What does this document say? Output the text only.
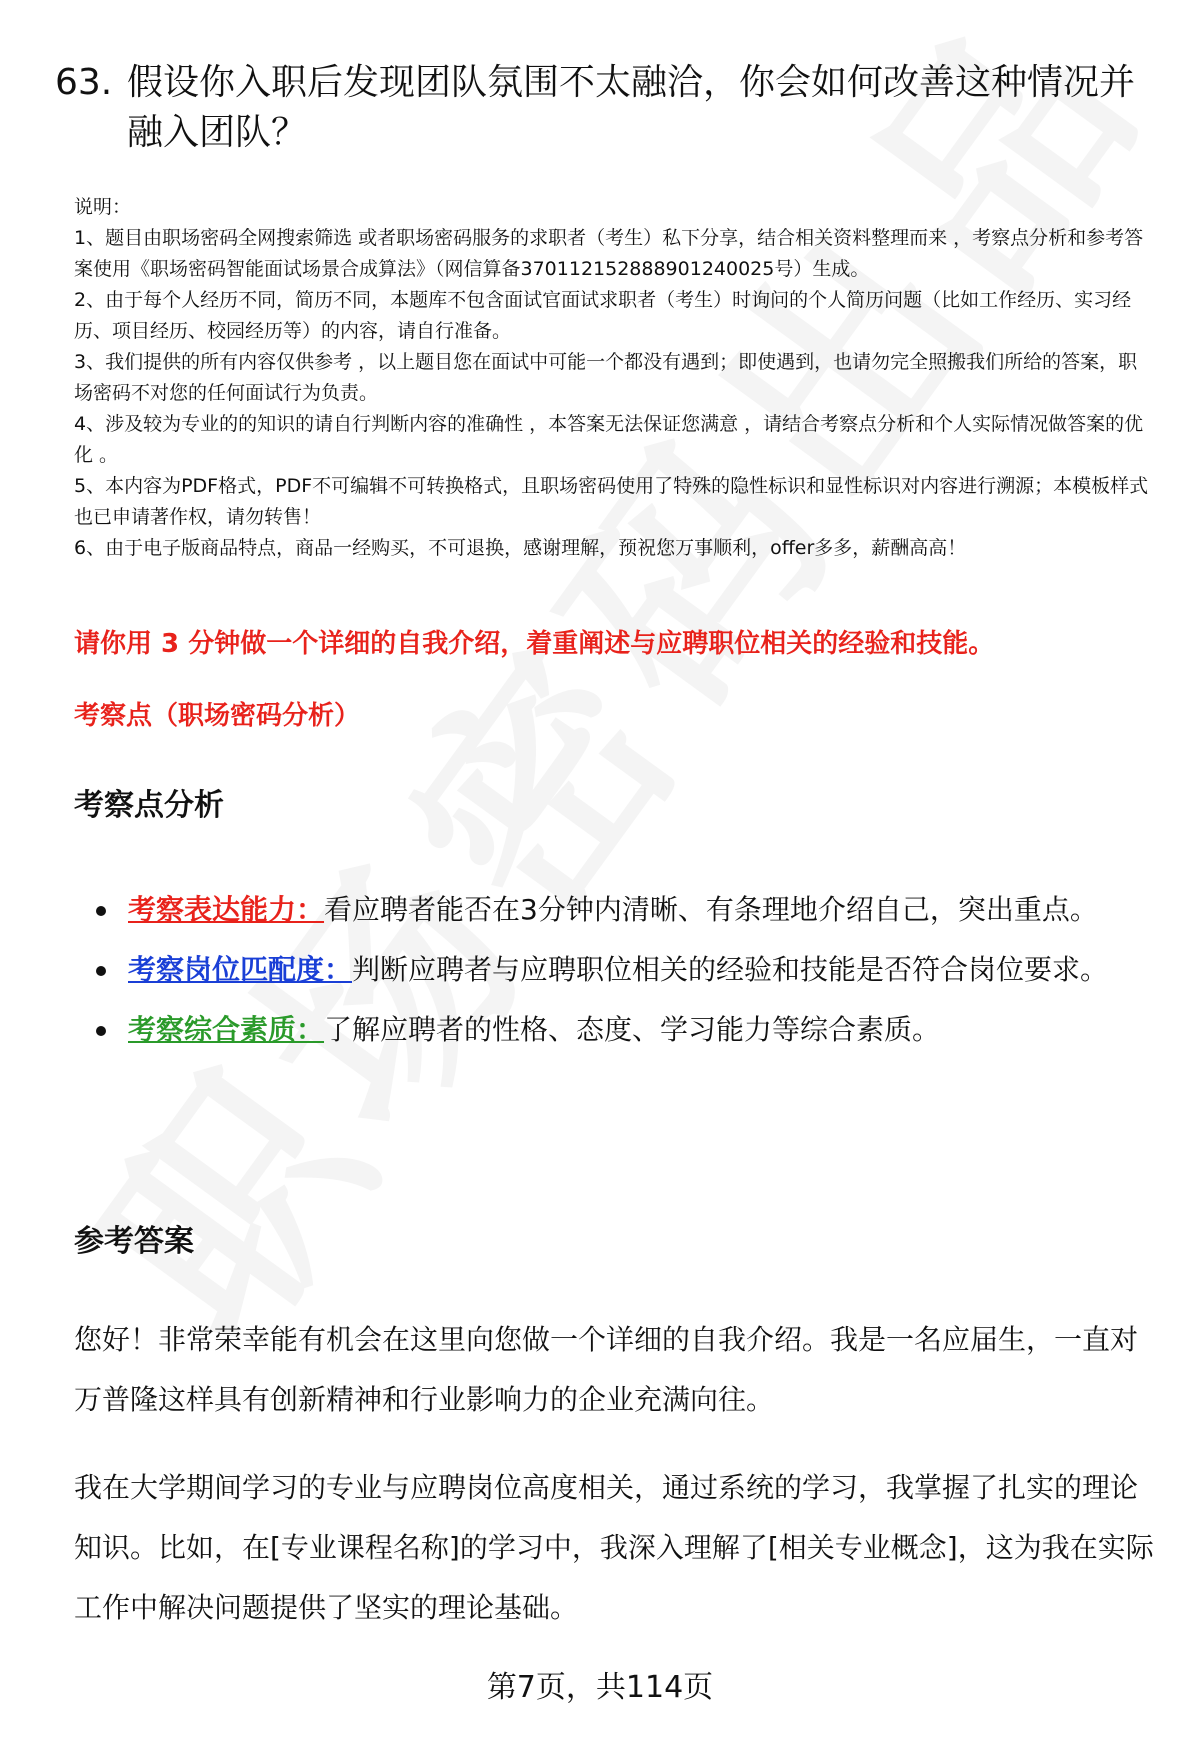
63. 假设你入职后发现团队氛围不太融洽，你会如何改善这种情况并融入团队？

说明：

1、题目由职场密码全网搜索筛选 或者职场密码服务的求职者（考生）私下分享，结合相关资料整理而来 ，考察点分析和参考答案使用《职场密码智能面试场景合成算法》（网信算备370112152888901240025号）生成。

2、由于每个人经历不同，简历不同，本题库不包含面试官面试求职者（考生）时询问的个人简历问题（比如工作经历、实习经历、项目经历、校园经历等）的内容，请自行准备。

3、我们提供的所有内容仅供参考 ，以上题目您在面试中可能一个都没有遇到；即使遇到，也请勿完全照搬我们所给的答案，职场密码不对您的任何面试行为负责。

4、涉及较为专业的的知识的请自行判断内容的准确性 ，本答案无法保证您满意 ，请结合考察点分析和个人实际情况做答案的优化 。

5、本内容为PDF格式，PDF不可编辑不可转换格式，且职场密码使用了特殊的隐性标识和显性标识对内容进行溯源；本模板样式也已申请著作权，请勿转售！

6、由于电子版商品特点，商品一经购买，不可退换，感谢理解，预祝您万事顺利，offer多多，薪酬高高！

请你用 3 分钟做一个详细的自我介绍，着重阐述与应聘职位相关的经验和技能。
考察点（职场密码分析）
考察点分析
考察表达能力：看应聘者能否在3分钟内清晰、有条理地介绍自己，突出重点。
考察岗位匹配度：判断应聘者与应聘职位相关的经验和技能是否符合岗位要求。
考察综合素质：了解应聘者的性格、态度、学习能力等综合素质。
参考答案

您好！非常荣幸能有机会在这里向您做一个详细的自我介绍。我是一名应届生，一直对万普隆这样具有创新精神和行业影响力的企业充满向往。

我在大学期间学习的专业与应聘岗位高度相关，通过系统的学习，我掌握了扎实的理论知识。比如，在[专业课程名称]的学习中，我深入理解了[相关专业概念]，这为我在实际工作中解决问题提供了坚实的理论基础。

第7页，共114页
